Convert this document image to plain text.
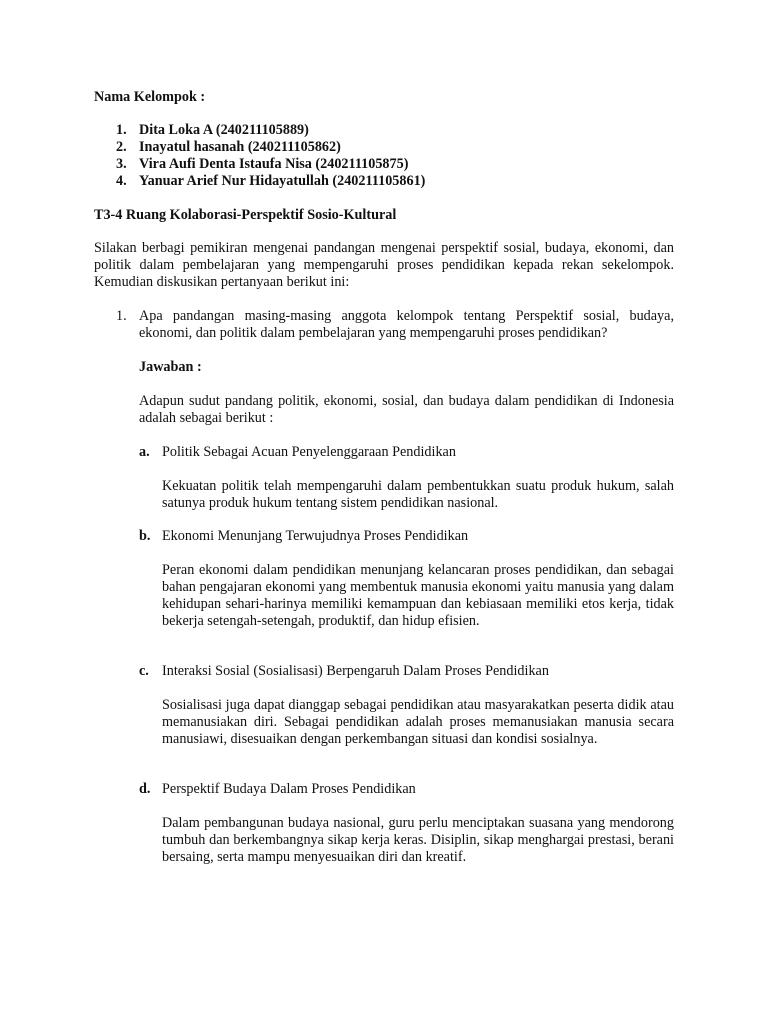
Nama Kelompok :
1. Dita Loka A (240211105889)
2. Inayatul hasanah (240211105862)
3. Vira Aufi Denta Istaufa Nisa (240211105875)
4. Yanuar Arief Nur Hidayatullah (240211105861)
T3-4 Ruang Kolaborasi-Perspektif Sosio-Kultural

Silakan berbagi pemikiran mengenai pandangan mengenai perspektif sosial, budaya, ekonomi, dan politik dalam pembelajaran yang mempengaruhi proses pendidikan kepada rekan sekelompok. Kemudian diskusikan pertanyaan berikut ini:

1. Apa pandangan masing-masing anggota kelompok tentang Perspektif sosial, budaya, ekonomi, dan politik dalam pembelajaran yang mempengaruhi proses pendidikan?

Jawaban :

Adapun sudut pandang politik, ekonomi, sosial, dan budaya dalam pendidikan di Indonesia adalah sebagai berikut :

a. Politik Sebagai Acuan Penyelenggaraan Pendidikan

Kekuatan politik telah mempengaruhi dalam pembentukkan suatu produk hukum, salah satunya produk hukum tentang sistem pendidikan nasional.

b. Ekonomi Menunjang Terwujudnya Proses Pendidikan

Peran ekonomi dalam pendidikan menunjang kelancaran proses pendidikan, dan sebagai bahan pengajaran ekonomi yang membentuk manusia ekonomi yaitu manusia yang dalam kehidupan sehari-harinya memiliki kemampuan dan kebiasaan memiliki etos kerja, tidak bekerja setengah-setengah, produktif, dan hidup efisien.

c. Interaksi Sosial (Sosialisasi) Berpengaruh Dalam Proses Pendidikan

Sosialisasi juga dapat dianggap sebagai pendidikan atau masyarakatkan peserta didik atau memanusiakan diri. Sebagai pendidikan adalah proses memanusiakan manusia secara manusiawi, disesuaikan dengan perkembangan situasi dan kondisi sosialnya.

d. Perspektif Budaya Dalam Proses Pendidikan

Dalam pembangunan budaya nasional, guru perlu menciptakan suasana yang mendorong tumbuh dan berkembangnya sikap kerja keras. Disiplin, sikap menghargai prestasi, berani bersaing, serta mampu menyesuaikan diri dan kreatif.
